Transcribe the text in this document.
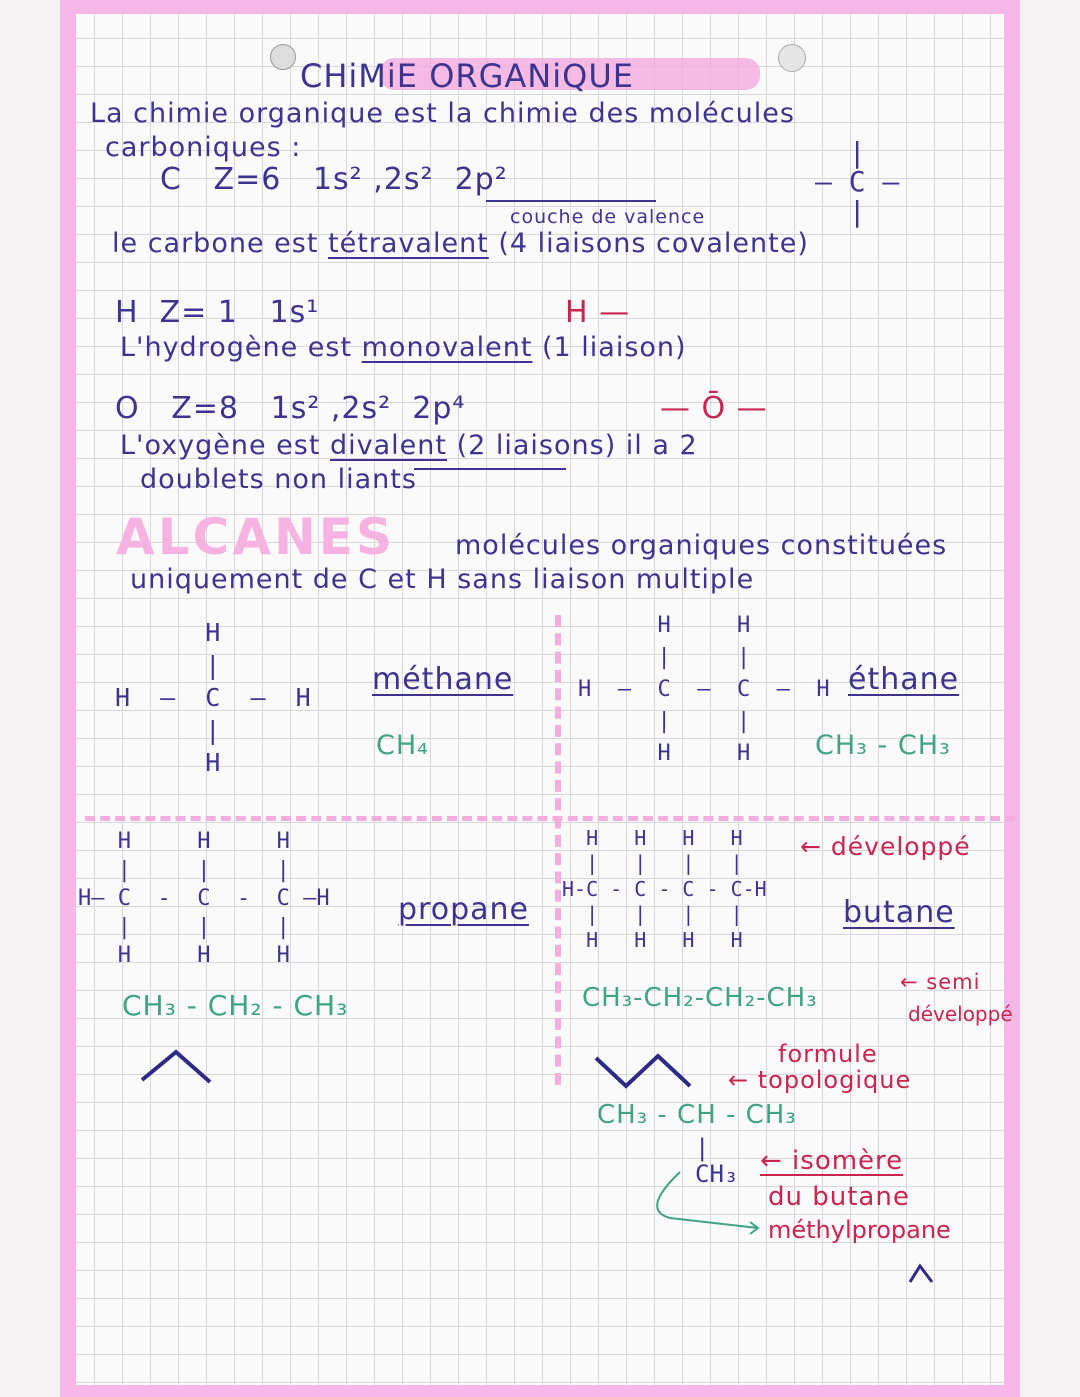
CHiMiE ORGANiQUE
La chimie organique est la chimie des molécules
carboniques :
C   Z=6   1s² ,2s²  2p²
couche de valence
|
— C —
|
le carbone est tétravalent (4 liaisons covalente)
H  Z= 1   1s¹	H —
L'hydrogène est monovalent (1 liaison)
O   Z=8   1s² ,2s²  2p⁴	— Ō —
L'oxygène est divalent (2 liaisons) il a 2
doublets non liants
ALCANES molécules organiques constituées
uniquement de C et H sans liaison multiple
H
|
H  —  C  —  H
|
H
méthane
CH₄
H     H
|     |
H  —  C  —  C  —  H
|     |
H     H
éthane
CH₃ - CH₃
H     H     H
|     |     |
H— C  -  C  -  C —H
|     |     |
H     H     H
propane
CH₃ - CH₂ - CH₃
H   H   H   H
|   |   |   |
H-C - C - C - C-H
|   |   |   |
H   H   H   H
← développé
butane
CH₃-CH₂-CH₂-CH₃
← semi
développé
formule
← topologique
CH₃ - CH - CH₃
|
CH₃ ← isomère
du butane
méthylpropane
